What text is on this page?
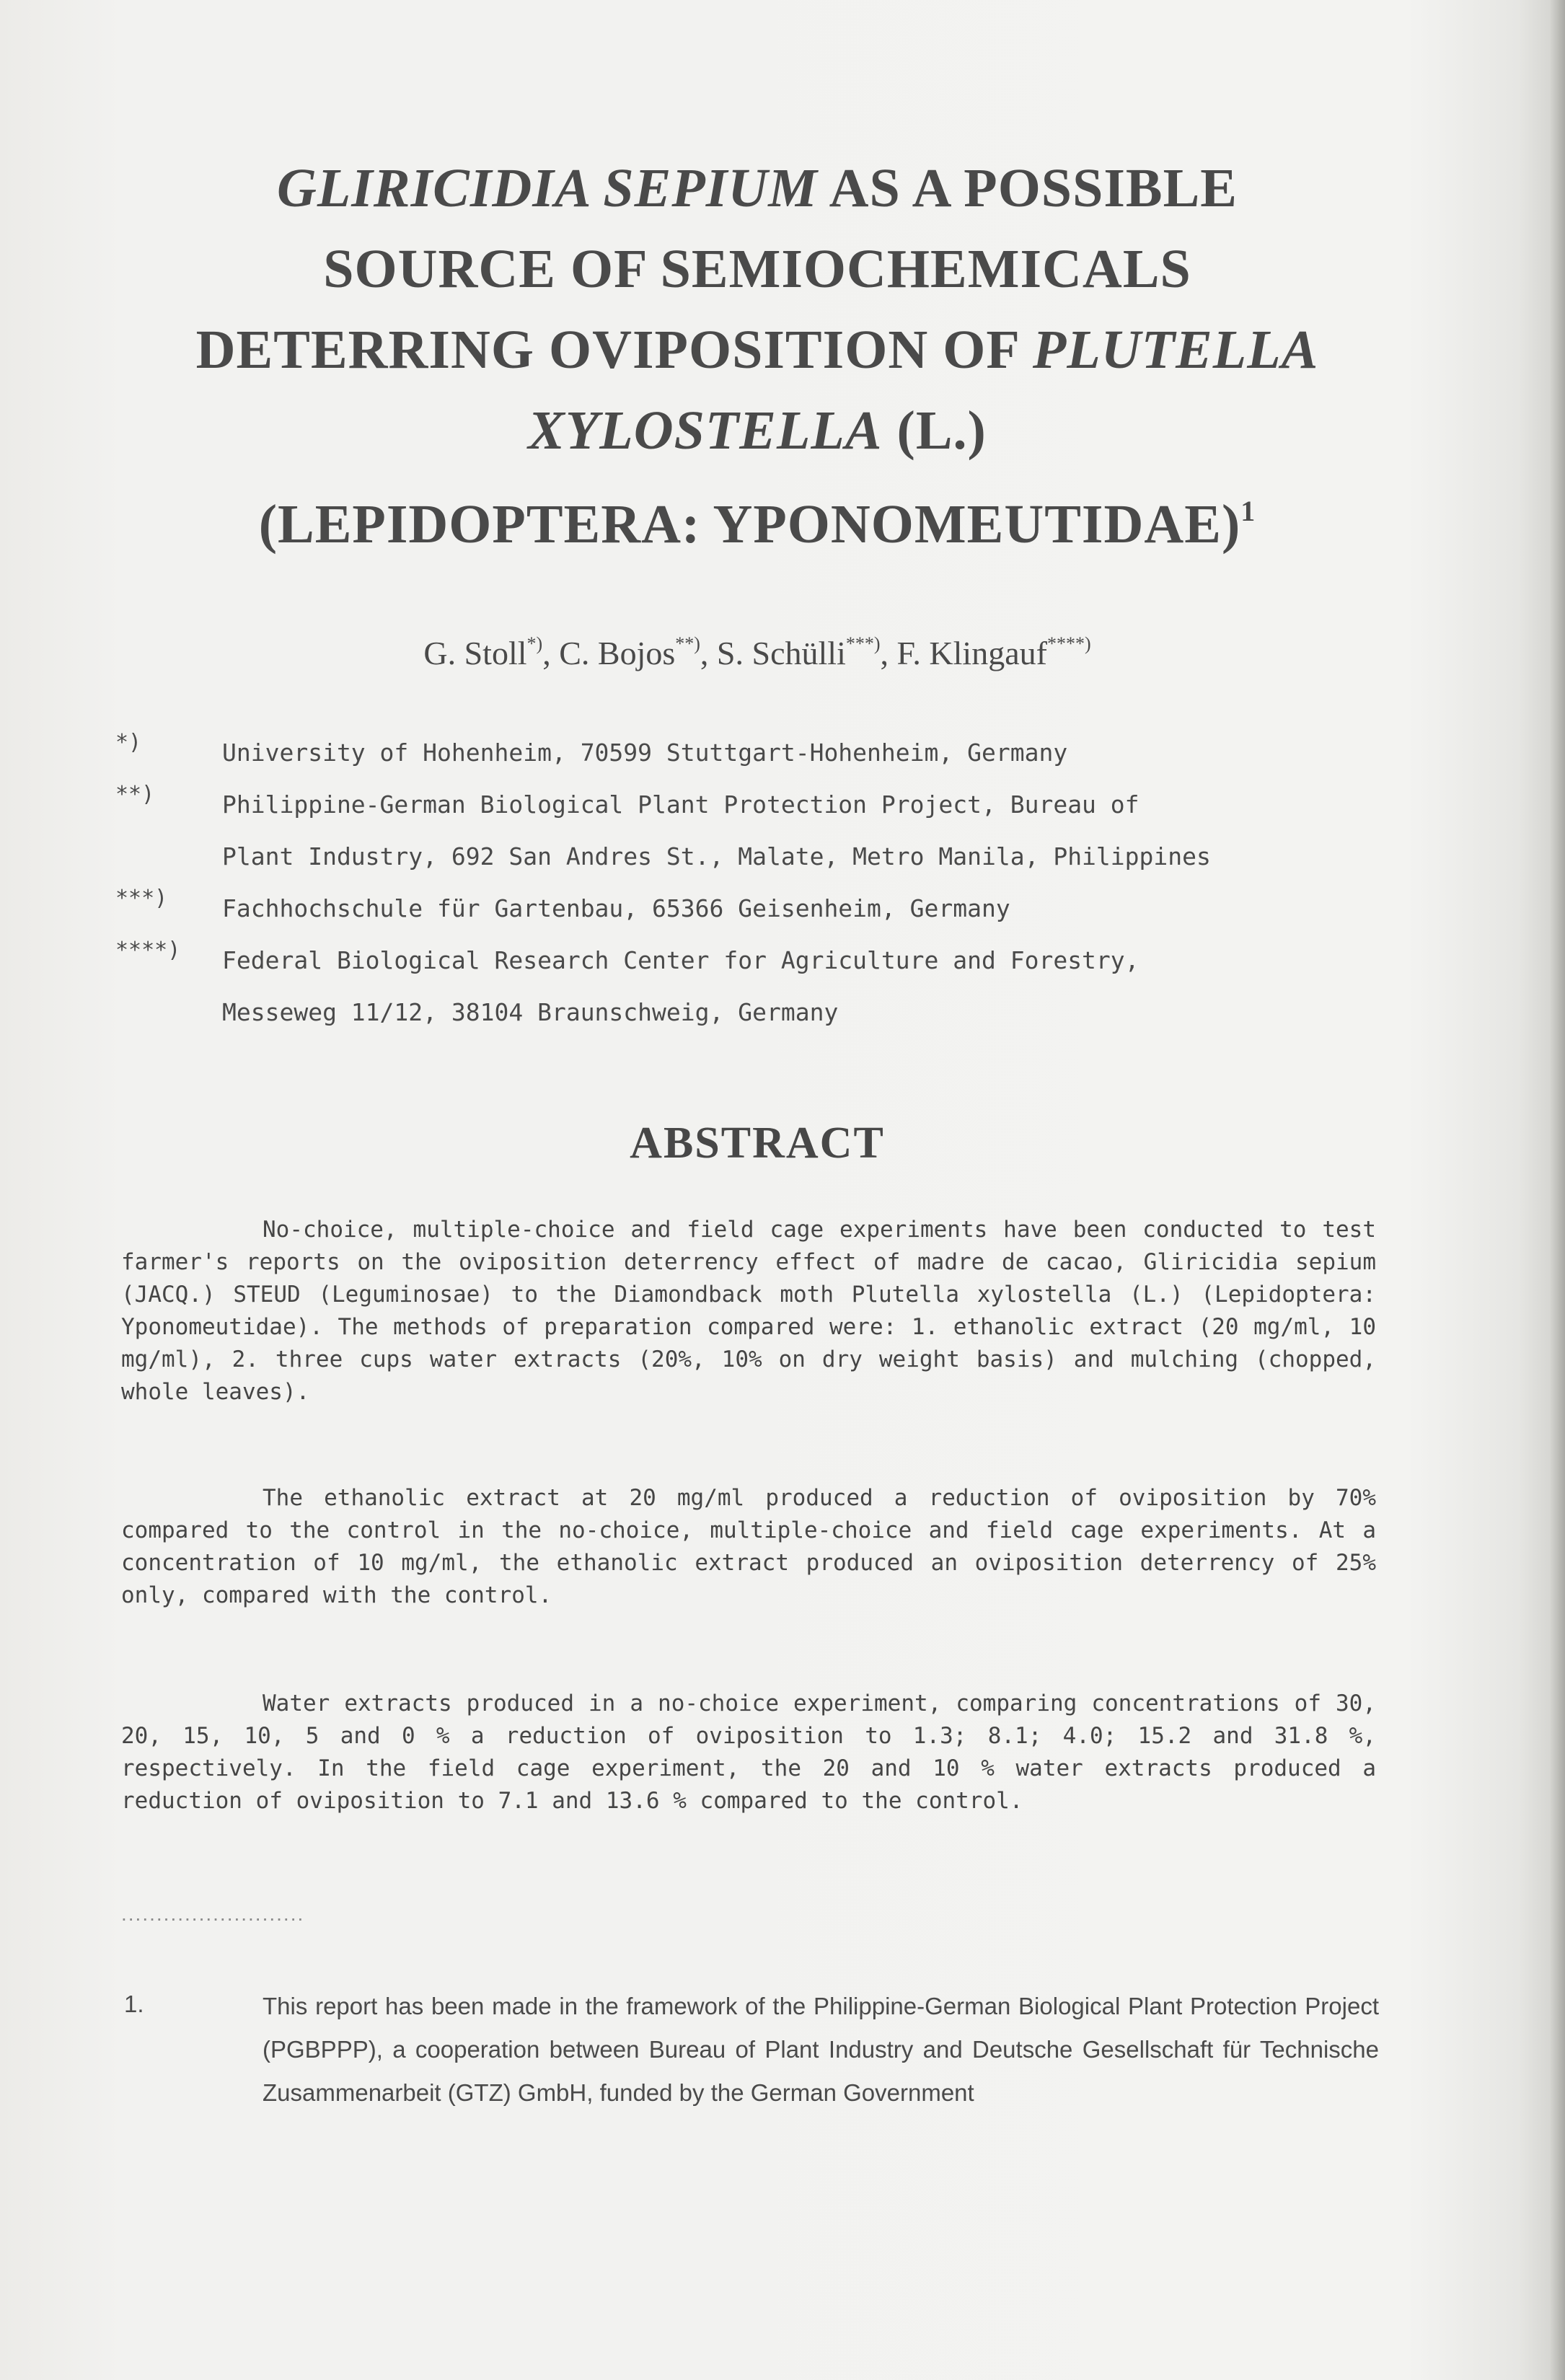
GLIRICIDIA SEPIUM AS A POSSIBLE
SOURCE OF SEMIOCHEMICALS
DETERRING OVIPOSITION OF PLUTELLA
XYLOSTELLA (L.)
(LEPIDOPTERA: YPONOMEUTIDAE)$^1$
G. Stoll*), C. Bojos**), S. Schülli***), F. Klingauf****)
*)	University of Hohenheim, 70599 Stuttgart-Hohenheim, Germany
**)	Philippine-German Biological Plant Protection Project, Bureau of
Plant Industry, 692 San Andres St., Malate, Metro Manila, Philippines
***)	Fachhochschule für Gartenbau, 65366 Geisenheim, Germany
****)	Federal Biological Research Center for Agriculture and Forestry,
Messeweg 11/12, 38104 Braunschweig, Germany
ABSTRACT

No-choice, multiple-choice and field cage experiments have been conducted to test farmer's reports on the oviposition deterrency effect of madre de cacao, Gliricidia sepium (JACQ.) STEUD (Leguminosae) to the Diamondback moth Plutella xylostella (L.) (Lepidoptera: Yponomeutidae). The methods of preparation compared were: 1. ethanolic extract (20 mg/ml, 10 mg/ml), 2. three cups water extracts (20%, 10% on dry weight basis) and mulching (chopped, whole leaves).

The ethanolic extract at 20 mg/ml produced a reduction of oviposition by 70% compared to the control in the no-choice, multiple-choice and field cage experiments. At a concentration of 10 mg/ml, the ethanolic extract produced an oviposition deterrency of 25% only, compared with the control.

Water extracts produced in a no-choice experiment, comparing concentrations of 30, 20, 15, 10, 5 and 0 % a reduction of oviposition to 1.3; 8.1; 4.0; 15.2 and 31.8 %, respectively. In the field cage experiment, the 20 and 10 % water extracts produced a reduction of oviposition to 7.1 and 13.6 % compared to the control.

..........................
1.	This report has been made in the framework of the Philippine-German Biological Plant Protection Project (PGBPPP), a cooperation between Bureau of Plant Industry and Deutsche Gesellschaft für Technische Zusammenarbeit (GTZ) GmbH, funded by the German Government
